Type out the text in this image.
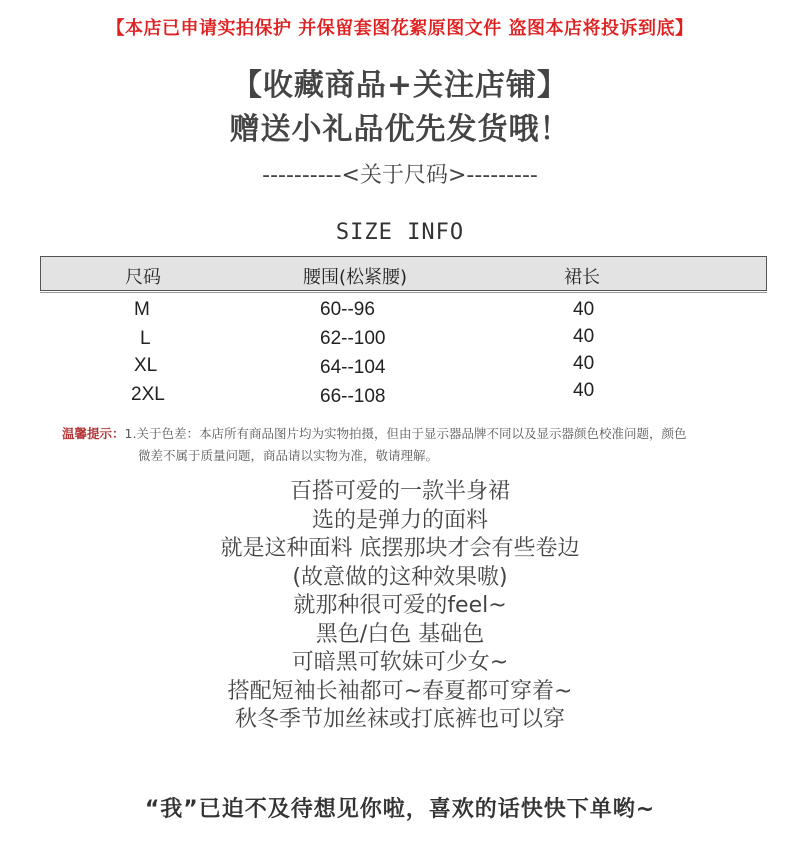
【本店已申请实拍保护 并保留套图花絮原图文件 盗图本店将投诉到底】
【收藏商品+关注店铺】
赠送小礼品优先发货哦！
----------<关于尺码>---------
SIZE INFO
尺码	腰围(松紧腰)	裙长
M	60--96	40
L	62--100	40
XL	64--104	40
2XL	66--108	40
温馨提示：1.关于色差：本店所有商品图片均为实物拍摄，但由于显示器品牌不同以及显示器颜色校准问题，颜色
微差不属于质量问题，商品请以实物为准，敬请理解。
百搭可爱的一款半身裙
选的是弹力的面料
就是这种面料 底摆那块才会有些卷边
(故意做的这种效果嗷)
就那种很可爱的feel~
黑色/白色 基础色
可暗黑可软妹可少女~
搭配短袖长袖都可~春夏都可穿着~
秋冬季节加丝袜或打底裤也可以穿
“我”已迫不及待想见你啦，喜欢的话快快下单哟~
